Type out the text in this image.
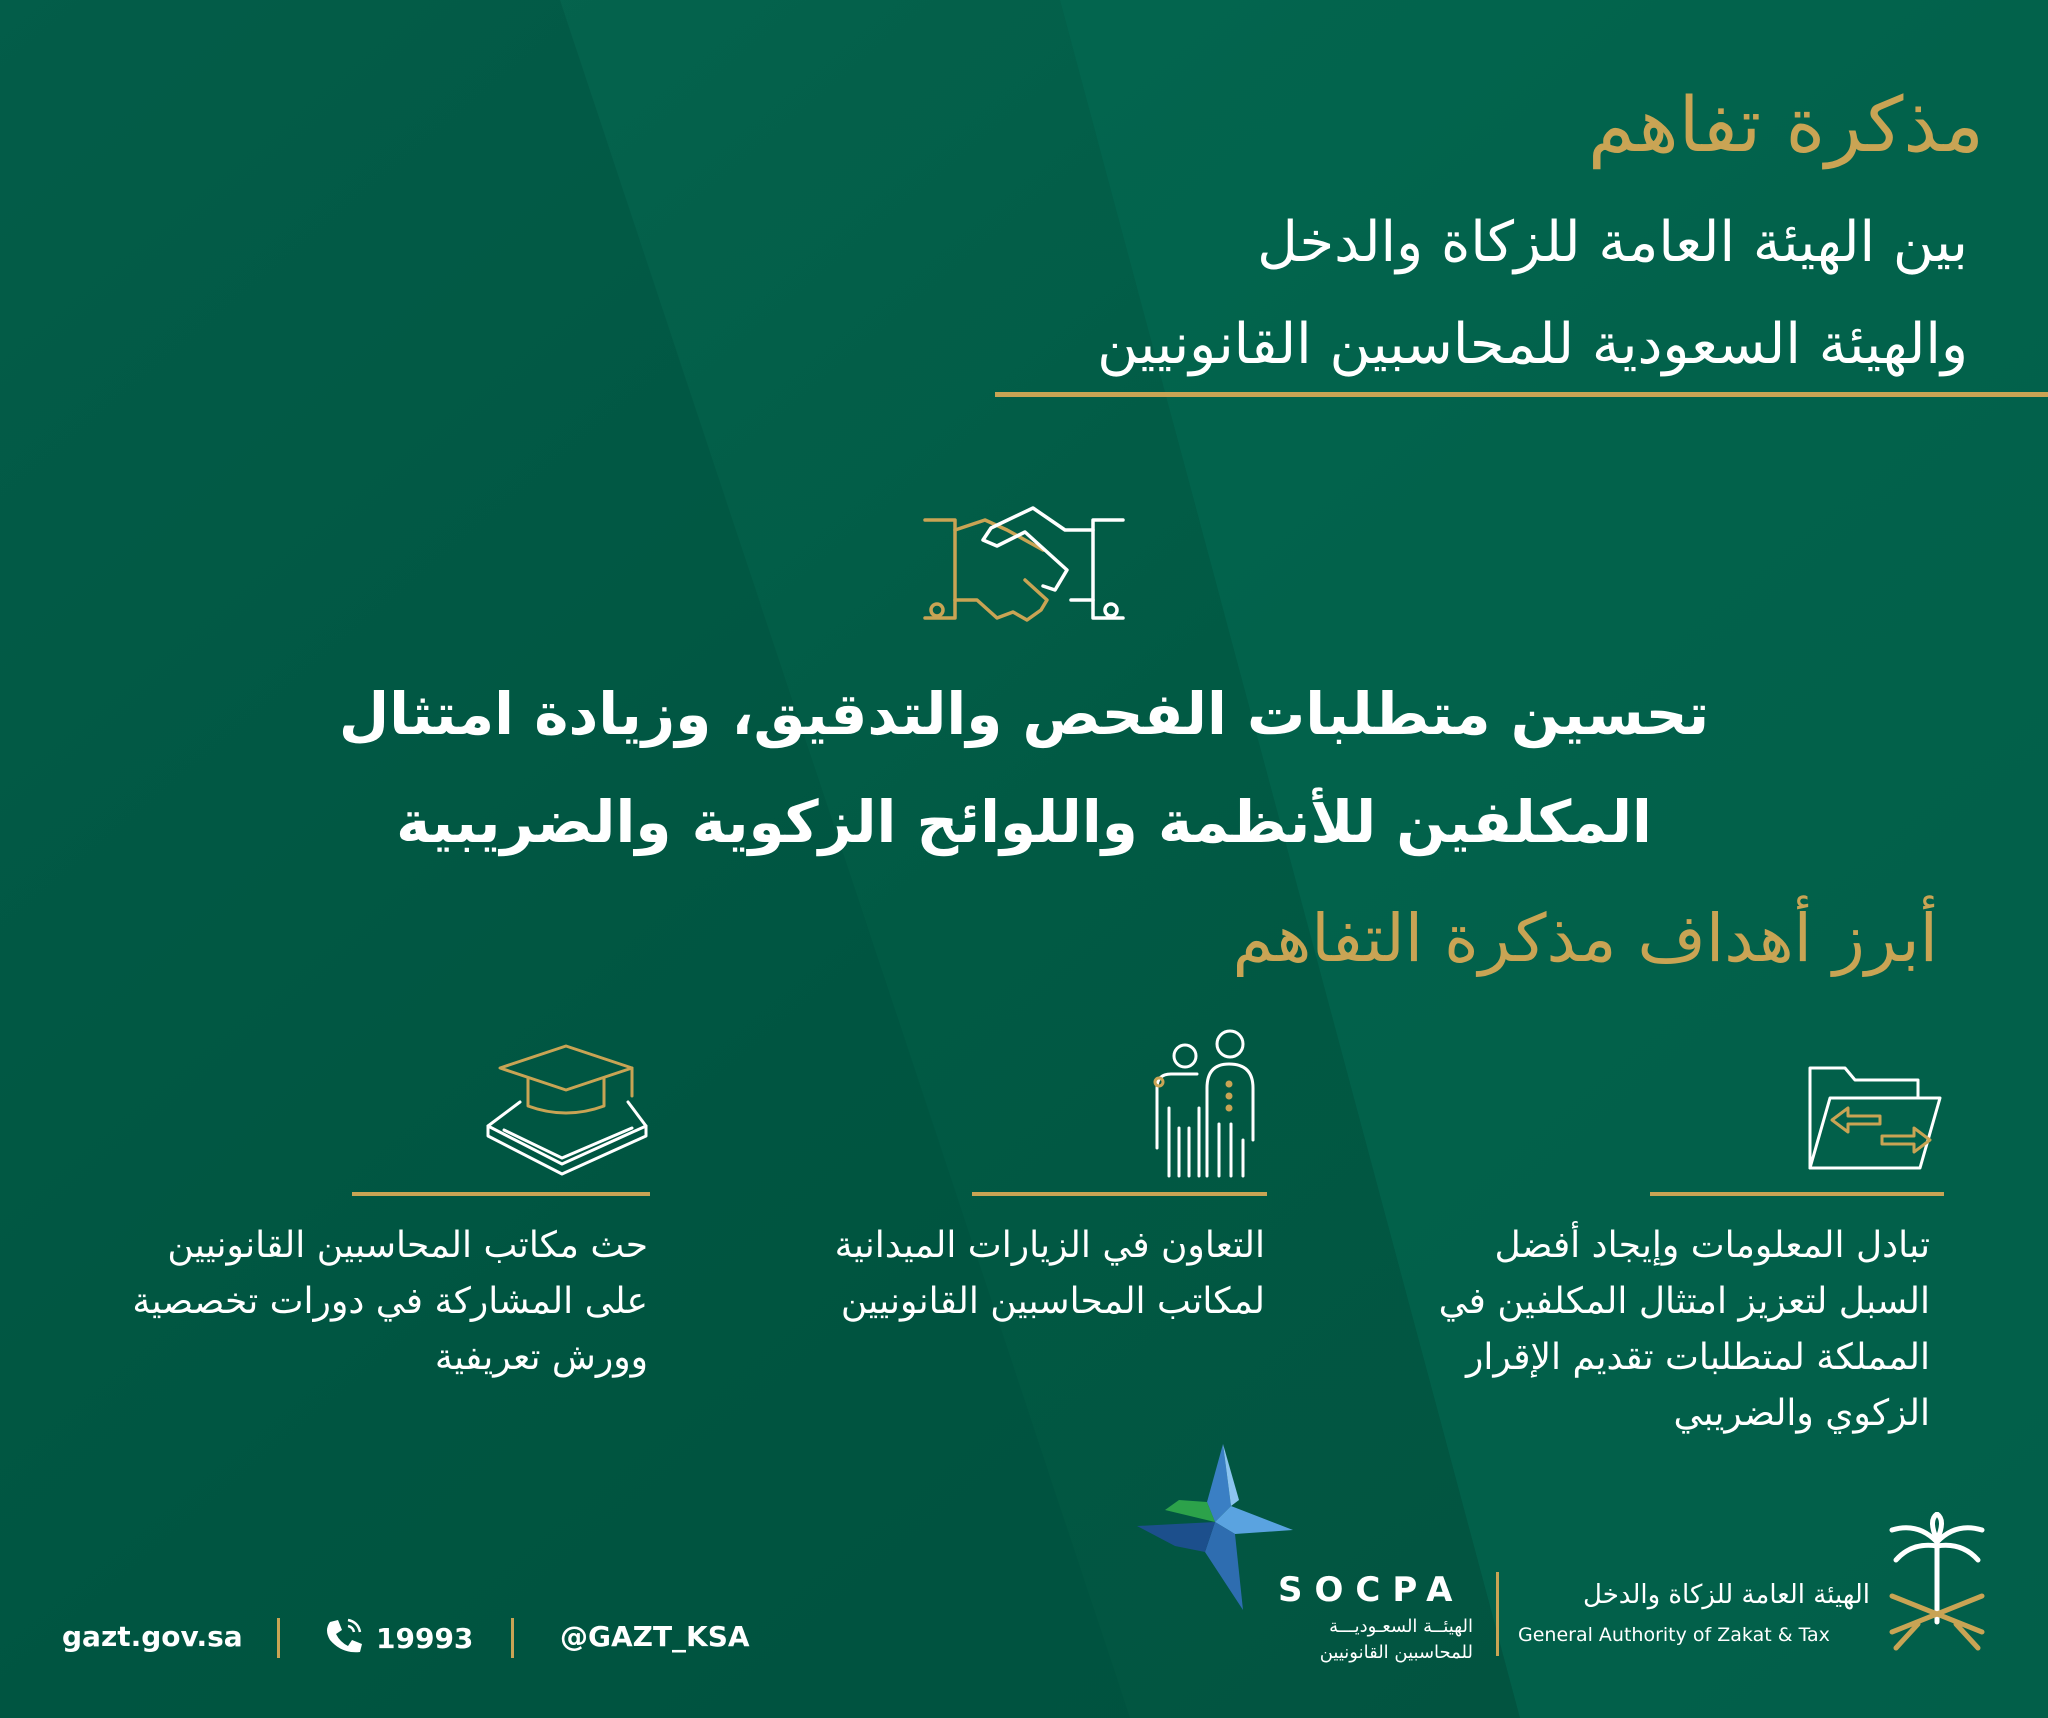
مذكرة تفاهم
بين الهيئة العامة للزكاة والدخل
والهيئة السعودية للمحاسبين القانونيين
تحسين متطلبات الفحص والتدقيق، وزيادة امتثال
المكلفين للأنظمة واللوائح الزكوية والضريبية
أبرز أهداف مذكرة التفاهم
تبادل المعلومات وإيجاد أفضل
السبل لتعزيز امتثال المكلفين في
المملكة لمتطلبات تقديم الإقرار
الزكوي والضريبي
التعاون في الزيارات الميدانية
لمكاتب المحاسبين القانونيين
حث مكاتب المحاسبين القانونيين
على المشاركة في دورات تخصصية
وورش تعريفية
SOCPA
الهيئــة السعـوديـــة
للمحاسبين القانونيين
الهيئة العامة للزكاة والدخل
General Authority of Zakat & Tax
gazt.gov.sa	19993	@GAZT_KSA
